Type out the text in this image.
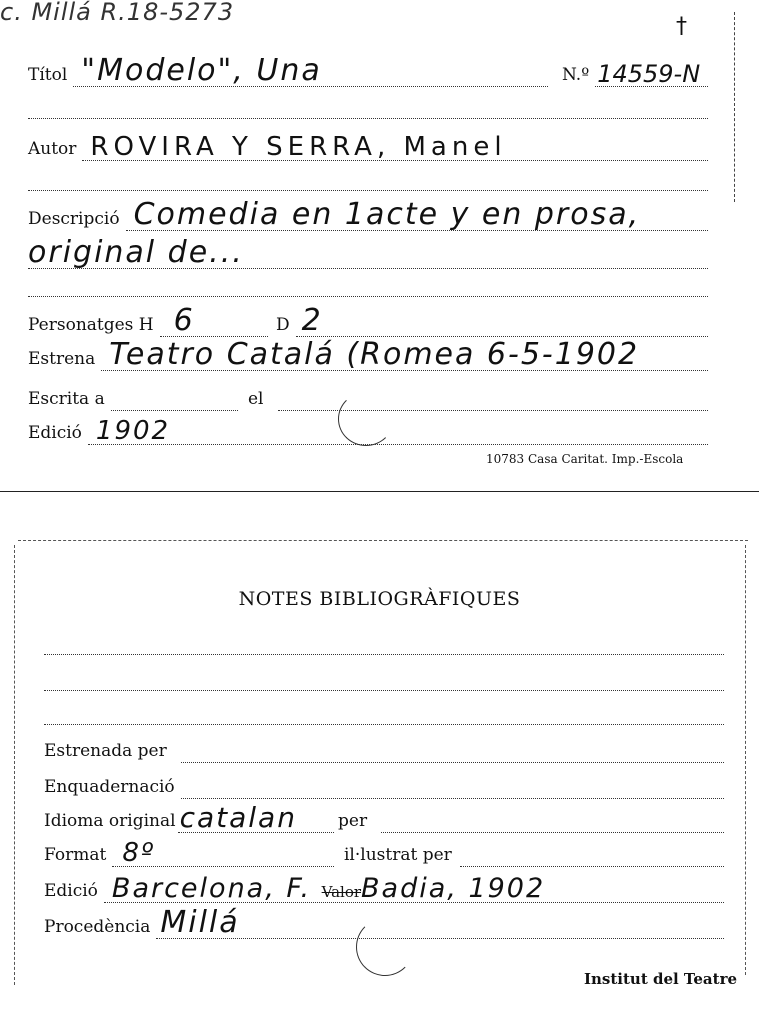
c. Millá R.18-5273
†
Títol "Modelo", Una	N.º 14559-N
Autor ROVIRA Y SERRA, Manel
Descripció Comedia en 1acte y en prosa,
original de...
Personatges H 6	D 2
Estrena Teatro Catalá (Romea 6-5-1902
Escrita a	el
Edició 1902
10783 Casa Caritat. Imp.-Escola
NOTES BIBLIOGRÀFIQUES
Estrenada per
Enquadernació
Idioma original catalan per
Format 8º	il·lustrat per
Edició Barcelona, F. ValorBadia, 1902
Procedència Millá
Institut del Teatre
